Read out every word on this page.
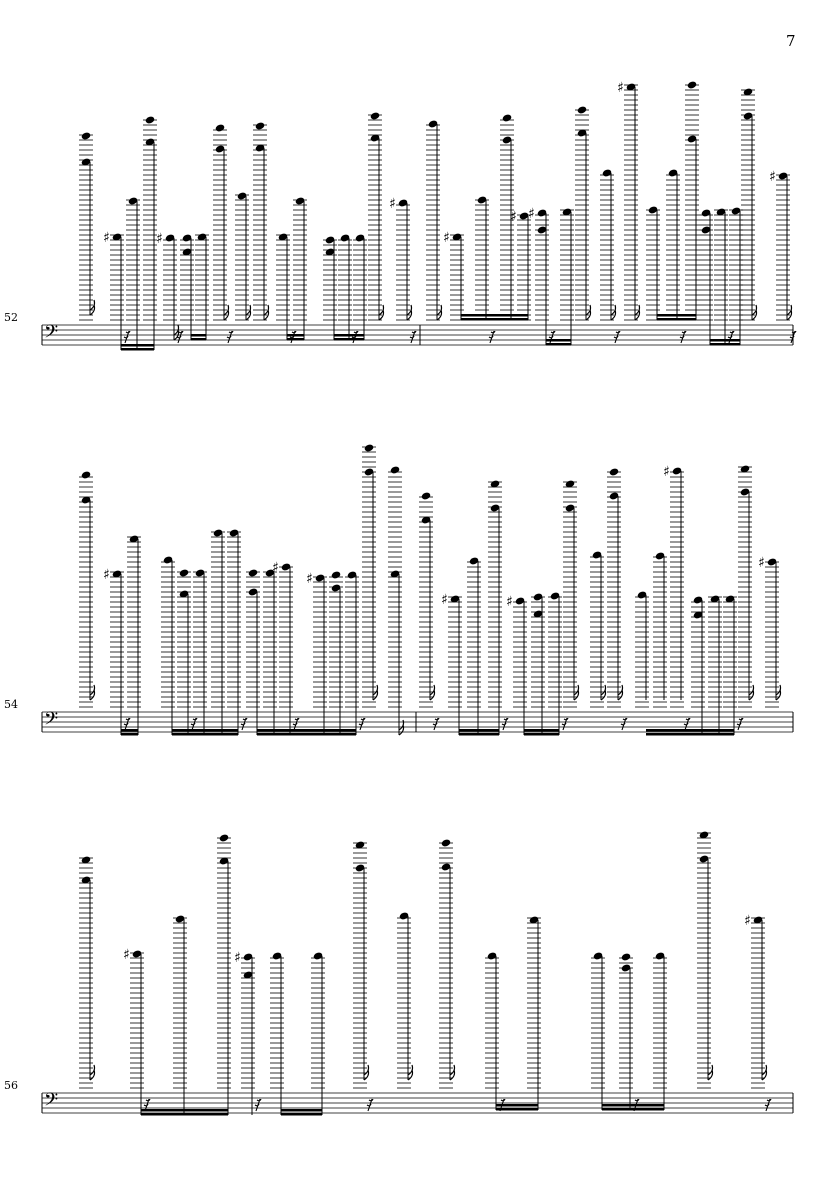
7
52
54
56
𝄢
♯	♯
♯
♯
♯ ♯
♯
♯
𝄢
♯	♯
♯
♯	♯
♯
♯
𝄢
♯	♯
♯
